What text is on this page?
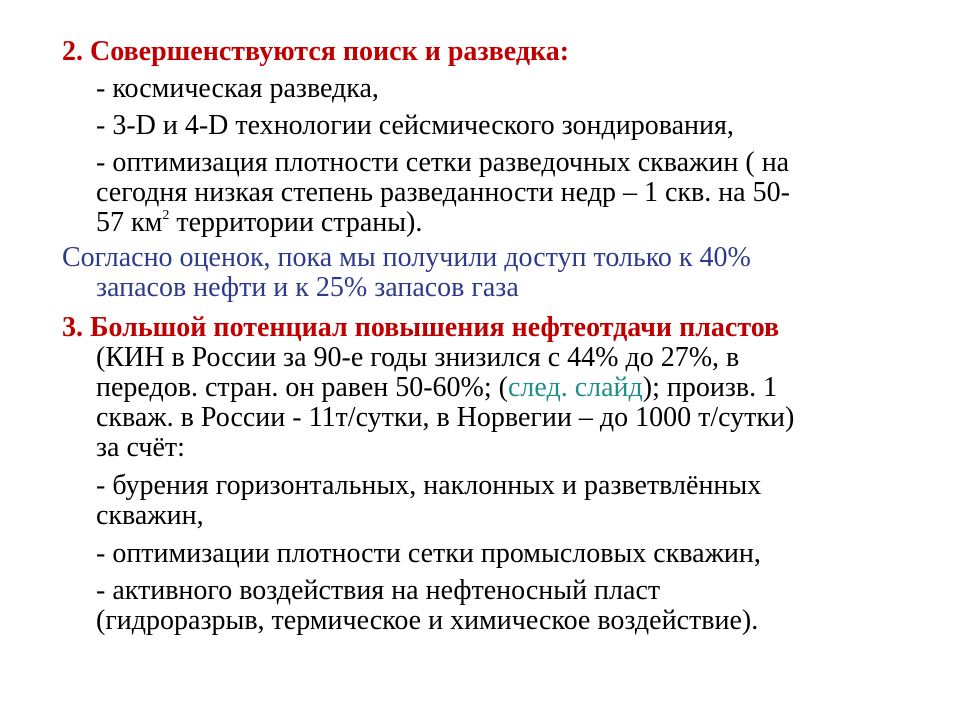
2. Совершенствуются поиск и разведка:
- космическая разведка,
- 3-D и 4-D технологии сейсмического зондирования,
- оптимизация плотности сетки разведочных скважин ( на
сегодня низкая степень разведанности недр – 1 скв. на 50-
57 $км^2$ территории страны).
Согласно оценок, пока мы получили доступ только к 40%
запасов нефти и к 25% запасов газа
3. Большой потенциал повышения нефтеотдачи пластов
(КИН в России за 90-е годы знизился с 44% до 27%, в
передов. стран. он равен 50-60%; (след. слайд); произв. 1
скваж. в России - 11т/сутки, в Норвегии – до 1000 т/сутки)
за счёт:
- бурения горизонтальных, наклонных и разветвлённых
скважин,
- оптимизации плотности сетки промысловых скважин,
- активного воздействия на нефтеносный пласт
(гидроразрыв, термическое и химическое воздействие).
